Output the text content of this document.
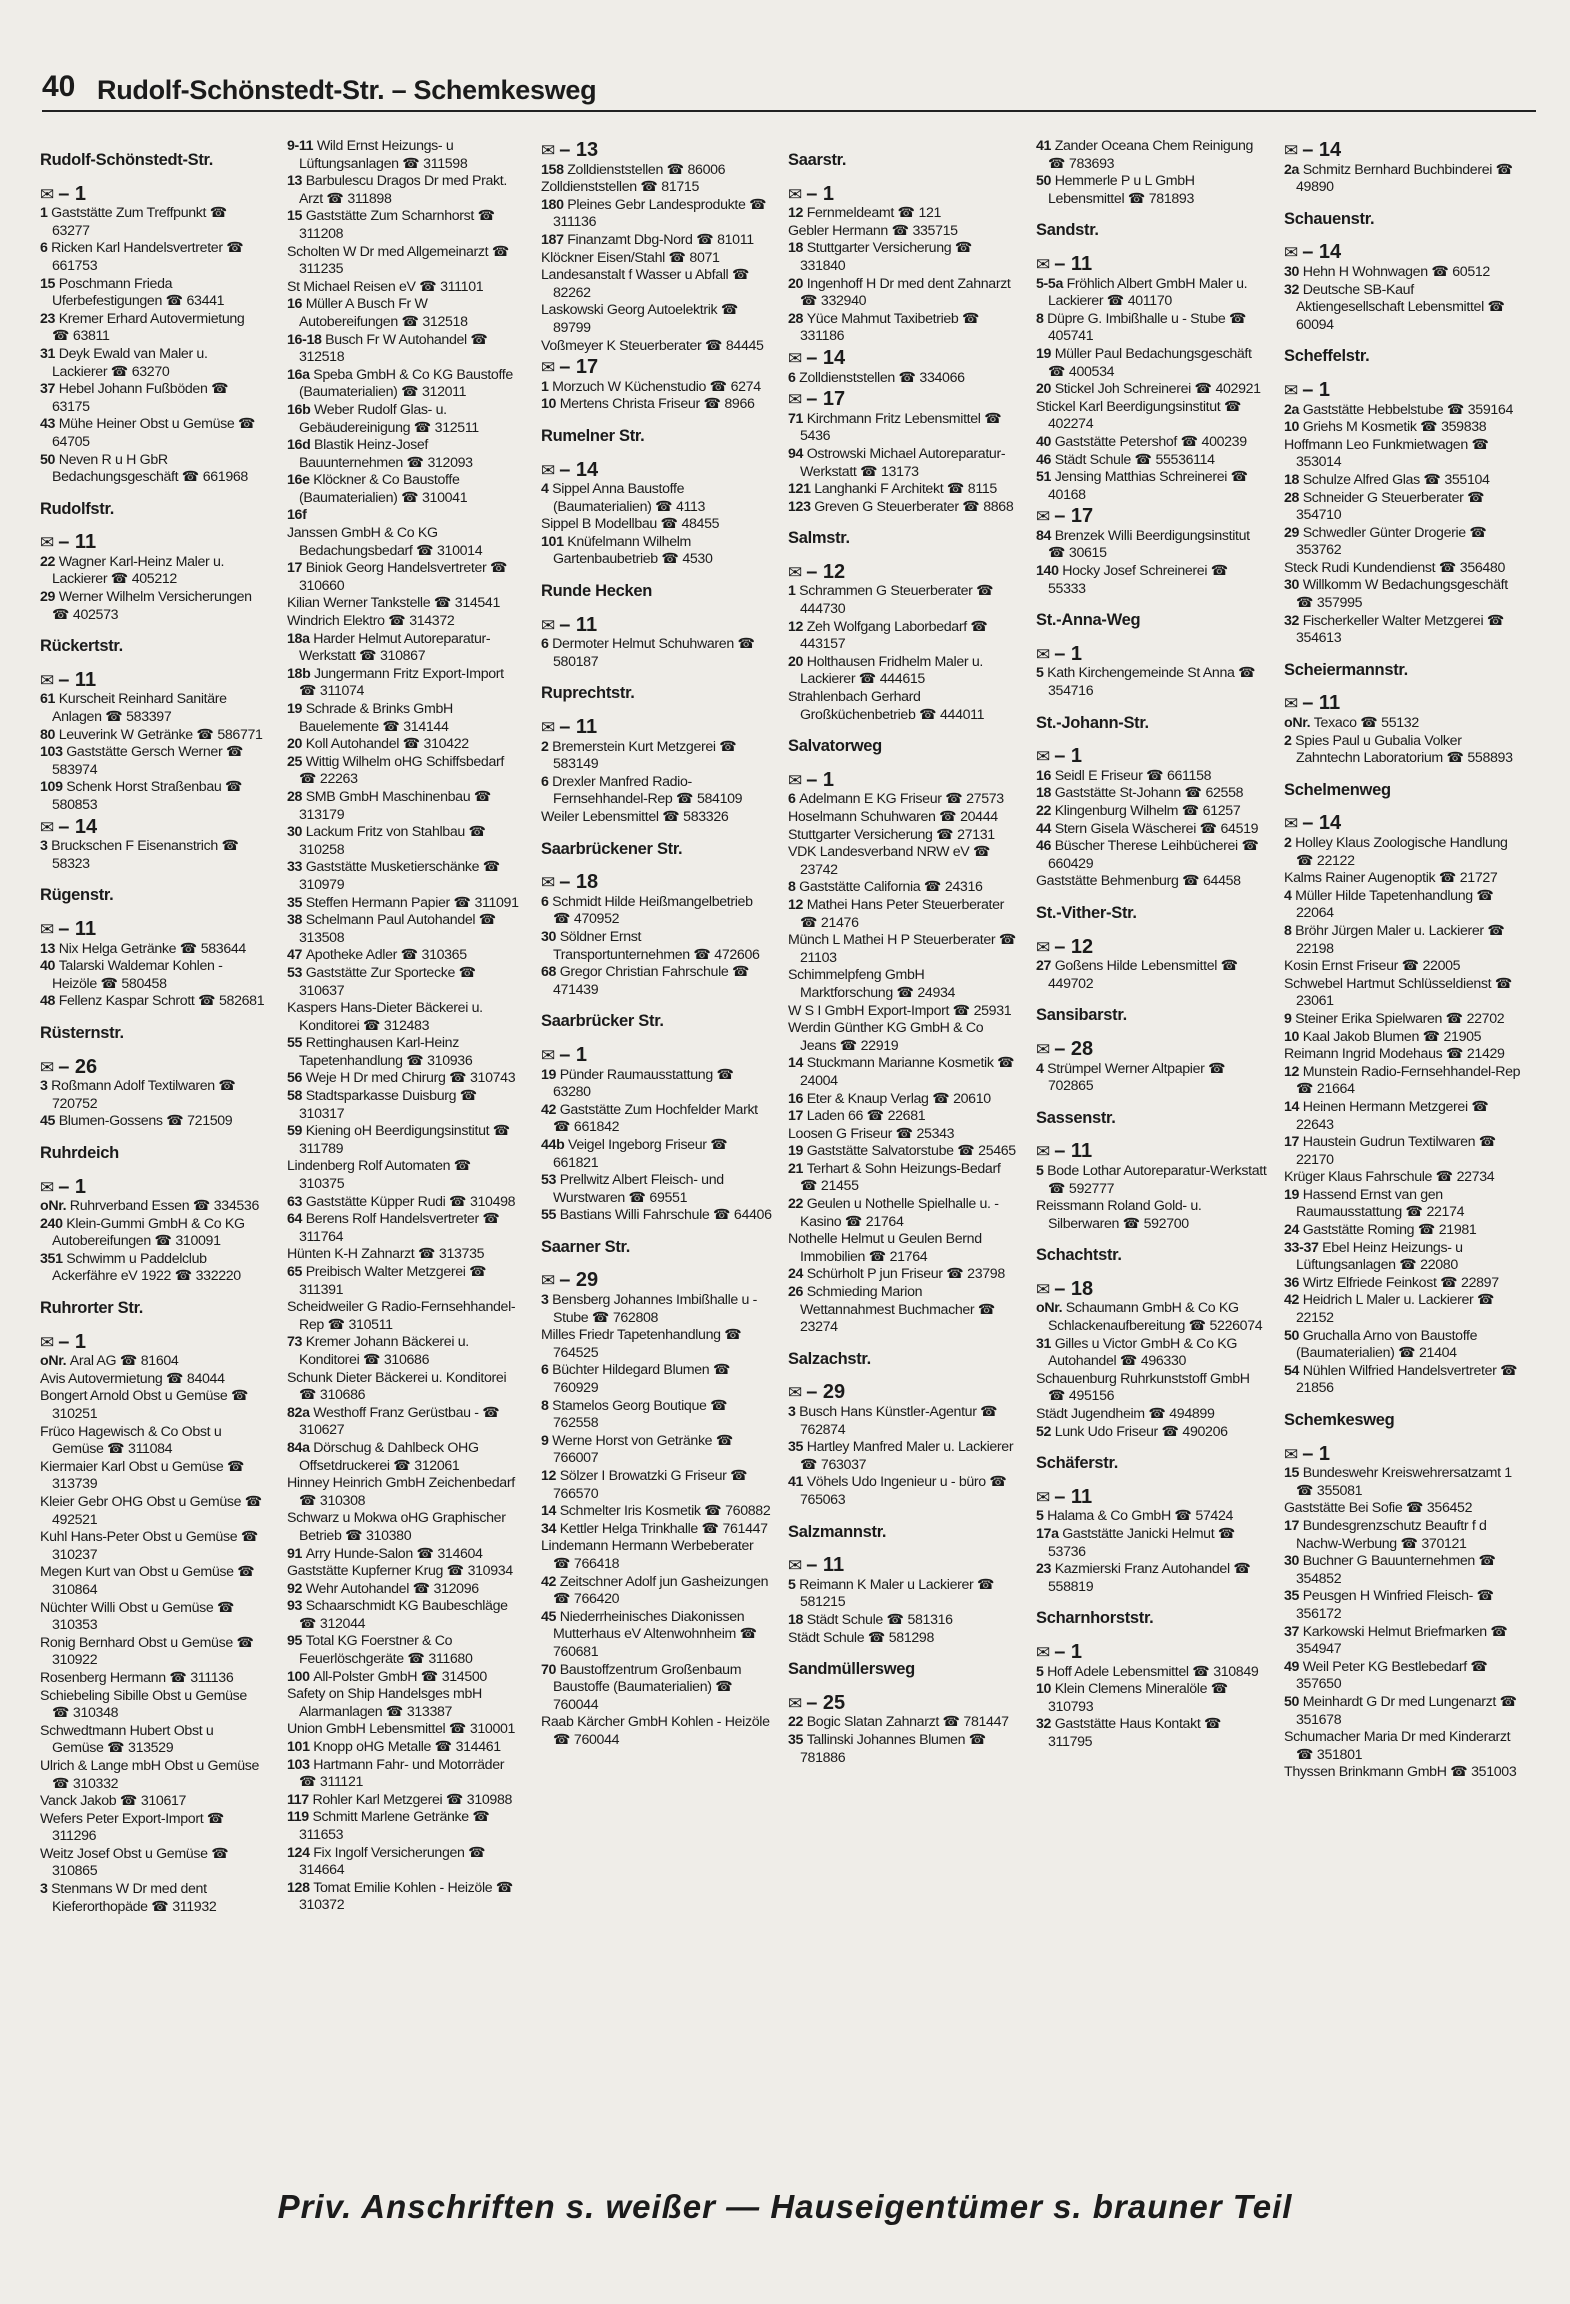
40 Rudolf-Schönstedt-Str. – Schemkesweg
Rudolf-Schönstedt-Str.
✉ – 1
1 Gaststätte Zum Treffpunkt ☎ 63277
6 Ricken Karl Handelsvertreter ☎ 661753
15 Poschmann Frieda Uferbefestigungen ☎ 63441
23 Kremer Erhard Autovermietung ☎ 63811
31 Deyk Ewald van Maler u. Lackierer ☎ 63270
37 Hebel Johann Fußböden ☎ 63175
43 Mühe Heiner Obst u Gemüse ☎ 64705
50 Neven R u H GbR Bedachungsgeschäft ☎ 661968
Rudolfstr.
✉ – 11
22 Wagner Karl-Heinz Maler u. Lackierer ☎ 405212
29 Werner Wilhelm Versicherungen ☎ 402573
Rückertstr.
✉ – 11
61 Kurscheit Reinhard Sanitäre Anlagen ☎ 583397
80 Leuverink W Getränke ☎ 586771
103 Gaststätte Gersch Werner ☎ 583974
109 Schenk Horst Straßenbau ☎ 580853
✉ – 14
3 Bruckschen F Eisenanstrich ☎ 58323
Rügenstr.
✉ – 11
13 Nix Helga Getränke ☎ 583644
40 Talarski Waldemar Kohlen - Heizöle ☎ 580458
48 Fellenz Kaspar Schrott ☎ 582681
Rüsternstr.
✉ – 26
3 Roßmann Adolf Textilwaren ☎ 720752
45 Blumen-Gossens ☎ 721509
Ruhrdeich
✉ – 1
oNr. Ruhrverband Essen ☎ 334536
240 Klein-Gummi GmbH & Co KG Autobereifungen ☎ 310091
351 Schwimm u Paddelclub Ackerfähre eV 1922 ☎ 332220
Ruhrorter Str.
✉ – 1
oNr. Aral AG ☎ 81604
Avis Autovermietung ☎ 84044
Bongert Arnold Obst u Gemüse ☎ 310251
Früco Hagewisch & Co Obst u Gemüse ☎ 311084
Kiermaier Karl Obst u Gemüse ☎ 313739
Kleier Gebr OHG Obst u Gemüse ☎ 492521
Kuhl Hans-Peter Obst u Gemüse ☎ 310237
Megen Kurt van Obst u Gemüse ☎ 310864
Nüchter Willi Obst u Gemüse ☎ 310353
Ronig Bernhard Obst u Gemüse ☎ 310922
Rosenberg Hermann ☎ 311136
Schiebeling Sibille Obst u Gemüse ☎ 310348
Schwedtmann Hubert Obst u Gemüse ☎ 313529
Ulrich & Lange mbH Obst u Gemüse ☎ 310332
Vanck Jakob ☎ 310617
Wefers Peter Export-Import ☎ 311296
Weitz Josef Obst u Gemüse ☎ 310865
3 Stenmans W Dr med dent Kieferorthopäde ☎ 311932
9-11 Wild Ernst Heizungs- u Lüftungsanlagen ☎ 311598
13 Barbulescu Dragos Dr med Prakt. Arzt ☎ 311898
15 Gaststätte Zum Scharnhorst ☎ 311208
Scholten W Dr med Allgemeinarzt ☎ 311235
St Michael Reisen eV ☎ 311101
16 Müller A Busch Fr W Autobereifungen ☎ 312518
16-18 Busch Fr W Autohandel ☎ 312518
16a Speba GmbH & Co KG Baustoffe (Baumaterialien) ☎ 312011
16b Weber Rudolf Glas- u. Gebäudereinigung ☎ 312511
16d Blastik Heinz-Josef Bauunternehmen ☎ 312093
16e Klöckner & Co Baustoffe (Baumaterialien) ☎ 310041
16f
Janssen GmbH & Co KG Bedachungsbedarf ☎ 310014
17 Biniok Georg Handelsvertreter ☎ 310660
Kilian Werner Tankstelle ☎ 314541
Windrich Elektro ☎ 314372
18a Harder Helmut Autoreparatur-Werkstatt ☎ 310867
18b Jungermann Fritz Export-Import ☎ 311074
19 Schrade & Brinks GmbH Bauelemente ☎ 314144
20 Koll Autohandel ☎ 310422
25 Wittig Wilhelm oHG Schiffsbedarf ☎ 22263
28 SMB GmbH Maschinenbau ☎ 313179
30 Lackum Fritz von Stahlbau ☎ 310258
33 Gaststätte Musketierschänke ☎ 310979
35 Steffen Hermann Papier ☎ 311091
38 Schelmann Paul Autohandel ☎ 313508
47 Apotheke Adler ☎ 310365
53 Gaststätte Zur Sportecke ☎ 310637
Kaspers Hans-Dieter Bäckerei u. Konditorei ☎ 312483
55 Rettinghausen Karl-Heinz Tapetenhandlung ☎ 310936
56 Weje H Dr med Chirurg ☎ 310743
58 Stadtsparkasse Duisburg ☎ 310317
59 Kiening oH Beerdigungsinstitut ☎ 311789
Lindenberg Rolf Automaten ☎ 310375
63 Gaststätte Küpper Rudi ☎ 310498
64 Berens Rolf Handelsvertreter ☎ 311764
Hünten K-H Zahnarzt ☎ 313735
65 Preibisch Walter Metzgerei ☎ 311391
Scheidweiler G Radio-Fernsehhandel-Rep ☎ 310511
73 Kremer Johann Bäckerei u. Konditorei ☎ 310686
Schunk Dieter Bäckerei u. Konditorei ☎ 310686
82a Westhoff Franz Gerüstbau - ☎ 310627
84a Dörschug & Dahlbeck OHG Offsetdruckerei ☎ 312061
Hinney Heinrich GmbH Zeichenbedarf ☎ 310308
Schwarz u Mokwa oHG Graphischer Betrieb ☎ 310380
91 Arry Hunde-Salon ☎ 314604
Gaststätte Kupferner Krug ☎ 310934
92 Wehr Autohandel ☎ 312096
93 Schaarschmidt KG Baubeschläge ☎ 312044
95 Total KG Foerstner & Co Feuerlöschgeräte ☎ 311680
100 All-Polster GmbH ☎ 314500
Safety on Ship Handelsges mbH Alarmanlagen ☎ 313387
Union GmbH Lebensmittel ☎ 310001
101 Knopp oHG Metalle ☎ 314461
103 Hartmann Fahr- und Motorräder ☎ 311121
117 Rohler Karl Metzgerei ☎ 310988
119 Schmitt Marlene Getränke ☎ 311653
124 Fix Ingolf Versicherungen ☎ 314664
128 Tomat Emilie Kohlen - Heizöle ☎ 310372
✉ – 13
158 Zolldienststellen ☎ 86006
Zolldienststellen ☎ 81715
180 Pleines Gebr Landesprodukte ☎ 311136
187 Finanzamt Dbg-Nord ☎ 81011
Klöckner Eisen/Stahl ☎ 8071
Landesanstalt f Wasser u Abfall ☎ 82262
Laskowski Georg Autoelektrik ☎ 89799
Voßmeyer K Steuerberater ☎ 84445
✉ – 17
1 Morzuch W Küchenstudio ☎ 6274
10 Mertens Christa Friseur ☎ 8966
Rumelner Str.
✉ – 14
4 Sippel Anna Baustoffe (Baumaterialien) ☎ 4113
Sippel B Modellbau ☎ 48455
101 Knüfelmann Wilhelm Gartenbaubetrieb ☎ 4530
Runde Hecken
✉ – 11
6 Dermoter Helmut Schuhwaren ☎ 580187
Ruprechtstr.
✉ – 11
2 Bremerstein Kurt Metzgerei ☎ 583149
6 Drexler Manfred Radio-Fernsehhandel-Rep ☎ 584109
Weiler Lebensmittel ☎ 583326
Saarbrückener Str.
✉ – 18
6 Schmidt Hilde Heißmangelbetrieb ☎ 470952
30 Söldner Ernst Transportunternehmen ☎ 472606
68 Gregor Christian Fahrschule ☎ 471439
Saarbrücker Str.
✉ – 1
19 Pünder Raumausstattung ☎ 63280
42 Gaststätte Zum Hochfelder Markt ☎ 661842
44b Veigel Ingeborg Friseur ☎ 661821
53 Prellwitz Albert Fleisch- und Wurstwaren ☎ 69551
55 Bastians Willi Fahrschule ☎ 64406
Saarner Str.
✉ – 29
3 Bensberg Johannes Imbißhalle u -Stube ☎ 762808
Milles Friedr Tapetenhandlung ☎ 764525
6 Büchter Hildegard Blumen ☎ 760929
8 Stamelos Georg Boutique ☎ 762558
9 Werne Horst von Getränke ☎ 766007
12 Sölzer I Browatzki G Friseur ☎ 766570
14 Schmelter Iris Kosmetik ☎ 760882
34 Kettler Helga Trinkhalle ☎ 761447
Lindemann Hermann Werbeberater ☎ 766418
42 Zeitschner Adolf jun Gasheizungen ☎ 766420
45 Niederrheinisches Diakonissen Mutterhaus eV Altenwohnheim ☎ 760681
70 Baustoffzentrum Großenbaum Baustoffe (Baumaterialien) ☎ 760044
Raab Kärcher GmbH Kohlen - Heizöle ☎ 760044
Saarstr.
✉ – 1
12 Fernmeldeamt ☎ 121
Gebler Hermann ☎ 335715
18 Stuttgarter Versicherung ☎ 331840
20 Ingenhoff H Dr med dent Zahnarzt ☎ 332940
28 Yüce Mahmut Taxibetrieb ☎ 331186
✉ – 14
6 Zolldienststellen ☎ 334066
✉ – 17
71 Kirchmann Fritz Lebensmittel ☎ 5436
94 Ostrowski Michael Autoreparatur-Werkstatt ☎ 13173
121 Langhanki F Architekt ☎ 8115
123 Greven G Steuerberater ☎ 8868
Salmstr.
✉ – 12
1 Schrammen G Steuerberater ☎ 444730
12 Zeh Wolfgang Laborbedarf ☎ 443157
20 Holthausen Fridhelm Maler u. Lackierer ☎ 444615
Strahlenbach Gerhard Großküchenbetrieb ☎ 444011
Salvatorweg
✉ – 1
6 Adelmann E KG Friseur ☎ 27573
Hoselmann Schuhwaren ☎ 20444
Stuttgarter Versicherung ☎ 27131
VDK Landesverband NRW eV ☎ 23742
8 Gaststätte California ☎ 24316
12 Mathei Hans Peter Steuerberater ☎ 21476
Münch L Mathei H P Steuerberater ☎ 21103
Schimmelpfeng GmbH Marktforschung ☎ 24934
W S I GmbH Export-Import ☎ 25931
Werdin Günther KG GmbH & Co Jeans ☎ 22919
14 Stuckmann Marianne Kosmetik ☎ 24004
16 Eter & Knaup Verlag ☎ 20610
17 Laden 66 ☎ 22681
Loosen G Friseur ☎ 25343
19 Gaststätte Salvatorstube ☎ 25465
21 Terhart & Sohn Heizungs-Bedarf ☎ 21455
22 Geulen u Nothelle Spielhalle u. -Kasino ☎ 21764
Nothelle Helmut u Geulen Bernd Immobilien ☎ 21764
24 Schürholt P jun Friseur ☎ 23798
26 Schmieding Marion Wettannahmest Buchmacher ☎ 23274
Salzachstr.
✉ – 29
3 Busch Hans Künstler-Agentur ☎ 762874
35 Hartley Manfred Maler u. Lackierer ☎ 763037
41 Vöhels Udo Ingenieur u - büro ☎ 765063
Salzmannstr.
✉ – 11
5 Reimann K Maler u Lackierer ☎ 581215
18 Städt Schule ☎ 581316
Städt Schule ☎ 581298
Sandmüllersweg
✉ – 25
22 Bogic Slatan Zahnarzt ☎ 781447
35 Tallinski Johannes Blumen ☎ 781886
41 Zander Oceana Chem Reinigung ☎ 783693
50 Hemmerle P u L GmbH Lebensmittel ☎ 781893
Sandstr.
✉ – 11
5-5a Fröhlich Albert GmbH Maler u. Lackierer ☎ 401170
8 Düpre G. Imbißhalle u - Stube ☎ 405741
19 Müller Paul Bedachungsgeschäft ☎ 400534
20 Stickel Joh Schreinerei ☎ 402921
Stickel Karl Beerdigungsinstitut ☎ 402274
40 Gaststätte Petershof ☎ 400239
46 Städt Schule ☎ 55536114
51 Jensing Matthias Schreinerei ☎ 40168
✉ – 17
84 Brenzek Willi Beerdigungsinstitut ☎ 30615
140 Hocky Josef Schreinerei ☎ 55333
St.-Anna-Weg
✉ – 1
5 Kath Kirchengemeinde St Anna ☎ 354716
St.-Johann-Str.
✉ – 1
16 Seidl E Friseur ☎ 661158
18 Gaststätte St-Johann ☎ 62558
22 Klingenburg Wilhelm ☎ 61257
44 Stern Gisela Wäscherei ☎ 64519
46 Büscher Therese Leihbücherei ☎ 660429
Gaststätte Behmenburg ☎ 64458
St.-Vither-Str.
✉ – 12
27 Goßens Hilde Lebensmittel ☎ 449702
Sansibarstr.
✉ – 28
4 Strümpel Werner Altpapier ☎ 702865
Sassenstr.
✉ – 11
5 Bode Lothar Autoreparatur-Werkstatt ☎ 592777
Reissmann Roland Gold- u. Silberwaren ☎ 592700
Schachtstr.
✉ – 18
oNr. Schaumann GmbH & Co KG Schlackenaufbereitung ☎ 5226074
31 Gilles u Victor GmbH & Co KG Autohandel ☎ 496330
Schauenburg Ruhrkunststoff GmbH ☎ 495156
Städt Jugendheim ☎ 494899
52 Lunk Udo Friseur ☎ 490206
Schäferstr.
✉ – 11
5 Halama & Co GmbH ☎ 57424
17a Gaststätte Janicki Helmut ☎ 53736
23 Kazmierski Franz Autohandel ☎ 558819
Scharnhorststr.
✉ – 1
5 Hoff Adele Lebensmittel ☎ 310849
10 Klein Clemens Mineralöle ☎ 310793
32 Gaststätte Haus Kontakt ☎ 311795
✉ – 14
2a Schmitz Bernhard Buchbinderei ☎ 49890
Schauenstr.
✉ – 14
30 Hehn H Wohnwagen ☎ 60512
32 Deutsche SB-Kauf Aktiengesellschaft Lebensmittel ☎ 60094
Scheffelstr.
✉ – 1
2a Gaststätte Hebbelstube ☎ 359164
10 Griehs M Kosmetik ☎ 359838
Hoffmann Leo Funkmietwagen ☎ 353014
18 Schulze Alfred Glas ☎ 355104
28 Schneider G Steuerberater ☎ 354710
29 Schwedler Günter Drogerie ☎ 353762
Steck Rudi Kundendienst ☎ 356480
30 Willkomm W Bedachungsgeschäft ☎ 357995
32 Fischerkeller Walter Metzgerei ☎ 354613
Scheiermannstr.
✉ – 11
oNr. Texaco ☎ 55132
2 Spies Paul u Gubalia Volker Zahntechn Laboratorium ☎ 558893
Schelmenweg
✉ – 14
2 Holley Klaus Zoologische Handlung ☎ 22122
Kalms Rainer Augenoptik ☎ 21727
4 Müller Hilde Tapetenhandlung ☎ 22064
8 Bröhr Jürgen Maler u. Lackierer ☎ 22198
Kosin Ernst Friseur ☎ 22005
Schwebel Hartmut Schlüsseldienst ☎ 23061
9 Steiner Erika Spielwaren ☎ 22702
10 Kaal Jakob Blumen ☎ 21905
Reimann Ingrid Modehaus ☎ 21429
12 Munstein Radio-Fernsehhandel-Rep ☎ 21664
14 Heinen Hermann Metzgerei ☎ 22643
17 Haustein Gudrun Textilwaren ☎ 22170
Krüger Klaus Fahrschule ☎ 22734
19 Hassend Ernst van gen Raumausstattung ☎ 22174
24 Gaststätte Roming ☎ 21981
33-37 Ebel Heinz Heizungs- u Lüftungsanlagen ☎ 22080
36 Wirtz Elfriede Feinkost ☎ 22897
42 Heidrich L Maler u. Lackierer ☎ 22152
50 Gruchalla Arno von Baustoffe (Baumaterialien) ☎ 21404
54 Nühlen Wilfried Handelsvertreter ☎ 21856
Schemkesweg
✉ – 1
15 Bundeswehr Kreiswehrersatzamt 1 ☎ 355081
Gaststätte Bei Sofie ☎ 356452
17 Bundesgrenzschutz Beauftr f d Nachw-Werbung ☎ 370121
30 Buchner G Bauunternehmen ☎ 354852
35 Peusgen H Winfried Fleisch- ☎ 356172
37 Karkowski Helmut Briefmarken ☎ 354947
49 Weil Peter KG Bestlebedarf ☎ 357650
50 Meinhardt G Dr med Lungenarzt ☎ 351678
Schumacher Maria Dr med Kinderarzt ☎ 351801
Thyssen Brinkmann GmbH ☎ 351003
Priv. Anschriften s. weißer — Hauseigentümer s. brauner Teil
